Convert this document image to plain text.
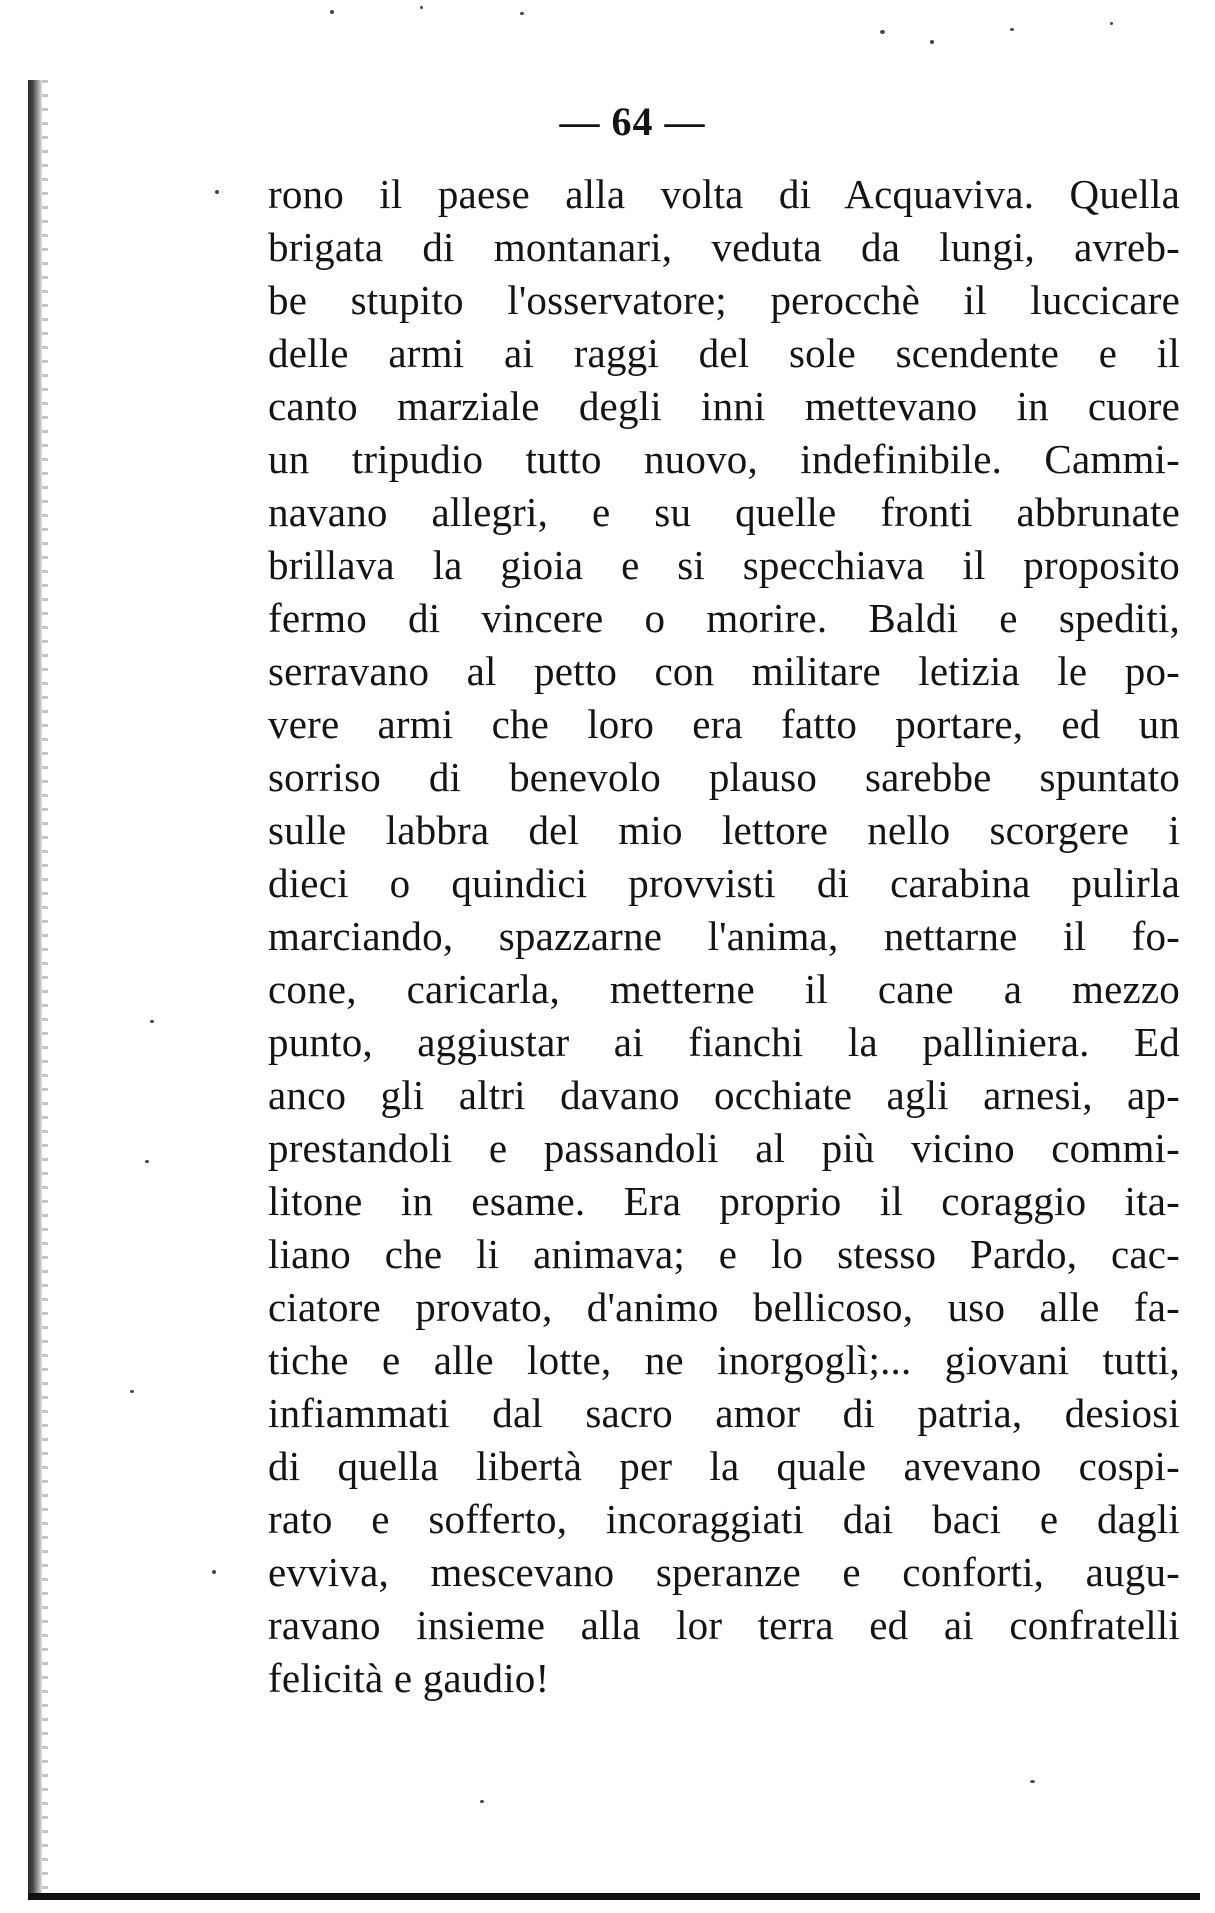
— 64 —
rono il paese alla volta di Acquaviva. Quella
brigata di montanari, veduta da lungi, avreb-
be stupito l'osservatore; perocchè il luccicare
delle armi ai raggi del sole scendente e il
canto marziale degli inni mettevano in cuore
un tripudio tutto nuovo, indefinibile. Cammi-
navano allegri, e su quelle fronti abbrunate
brillava la gioia e si specchiava il proposito
fermo di vincere o morire. Baldi e spediti,
serravano al petto con militare letizia le po-
vere armi che loro era fatto portare, ed un
sorriso di benevolo plauso sarebbe spuntato
sulle labbra del mio lettore nello scorgere i
dieci o quindici provvisti di carabina pulirla
marciando, spazzarne l'anima, nettarne il fo-
cone, caricarla, metterne il cane a mezzo
punto, aggiustar ai fianchi la palliniera. Ed
anco gli altri davano occhiate agli arnesi, ap-
prestandoli e passandoli al più vicino commi-
litone in esame. Era proprio il coraggio ita-
liano che li animava; e lo stesso Pardo, cac-
ciatore provato, d'animo bellicoso, uso alle fa-
tiche e alle lotte, ne inorgoglì;... giovani tutti,
infiammati dal sacro amor di patria, desiosi
di quella libertà per la quale avevano cospi-
rato e sofferto, incoraggiati dai baci e dagli
evviva, mescevano speranze e conforti, augu-
ravano insieme alla lor terra ed ai confratelli
felicità e gaudio!
